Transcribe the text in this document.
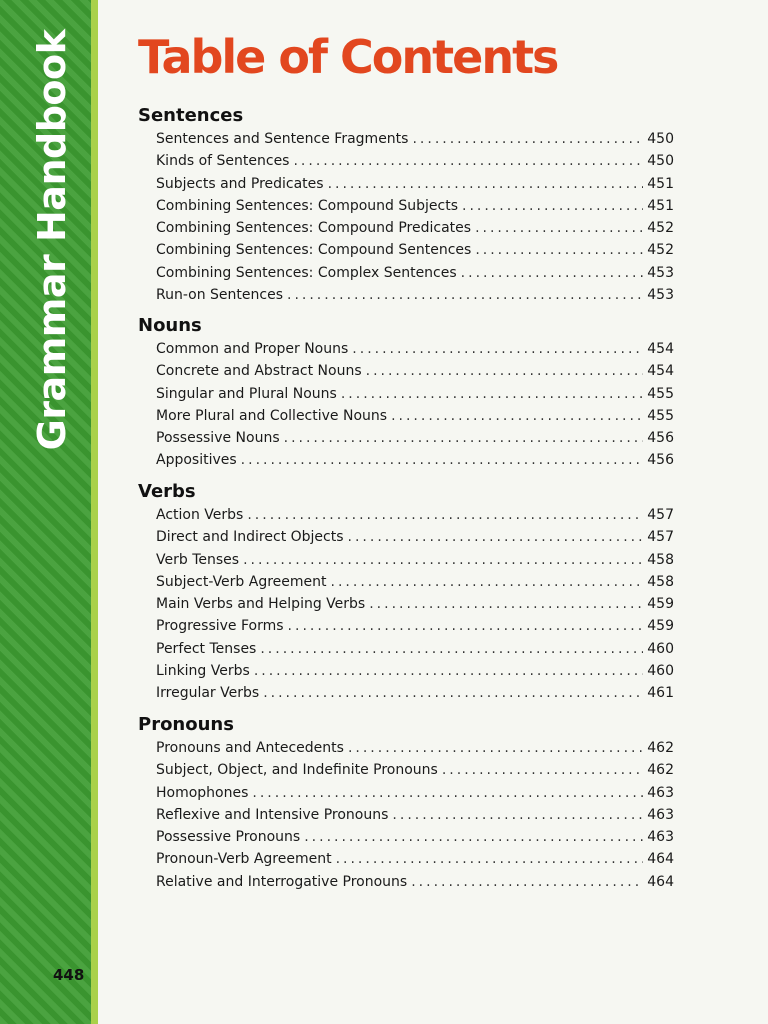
Grammar Handbook
448
Table of Contents
Sentences
Sentences and Sentence Fragments .....	450
Kinds of Sentences .....	450
Subjects and Predicates .....	451
Combining Sentences: Compound Subjects .....	451
Combining Sentences: Compound Predicates .....	452
Combining Sentences: Compound Sentences .....	452
Combining Sentences: Complex Sentences .....	453
Run-on Sentences .....	453
Nouns
Common and Proper Nouns .....	454
Concrete and Abstract Nouns .....	454
Singular and Plural Nouns .....	455
More Plural and Collective Nouns .....	455
Possessive Nouns .....	456
Appositives .....	456
Verbs
Action Verbs .....	457
Direct and Indirect Objects .....	457
Verb Tenses .....	458
Subject-Verb Agreement .....	458
Main Verbs and Helping Verbs .....	459
Progressive Forms .....	459
Perfect Tenses .....	460
Linking Verbs .....	460
Irregular Verbs .....	461
Pronouns
Pronouns and Antecedents .....	462
Subject, Object, and Indefinite Pronouns .....	462
Homophones .....	463
Reflexive and Intensive Pronouns .....	463
Possessive Pronouns .....	463
Pronoun-Verb Agreement .....	464
Relative and Interrogative Pronouns .....	464
